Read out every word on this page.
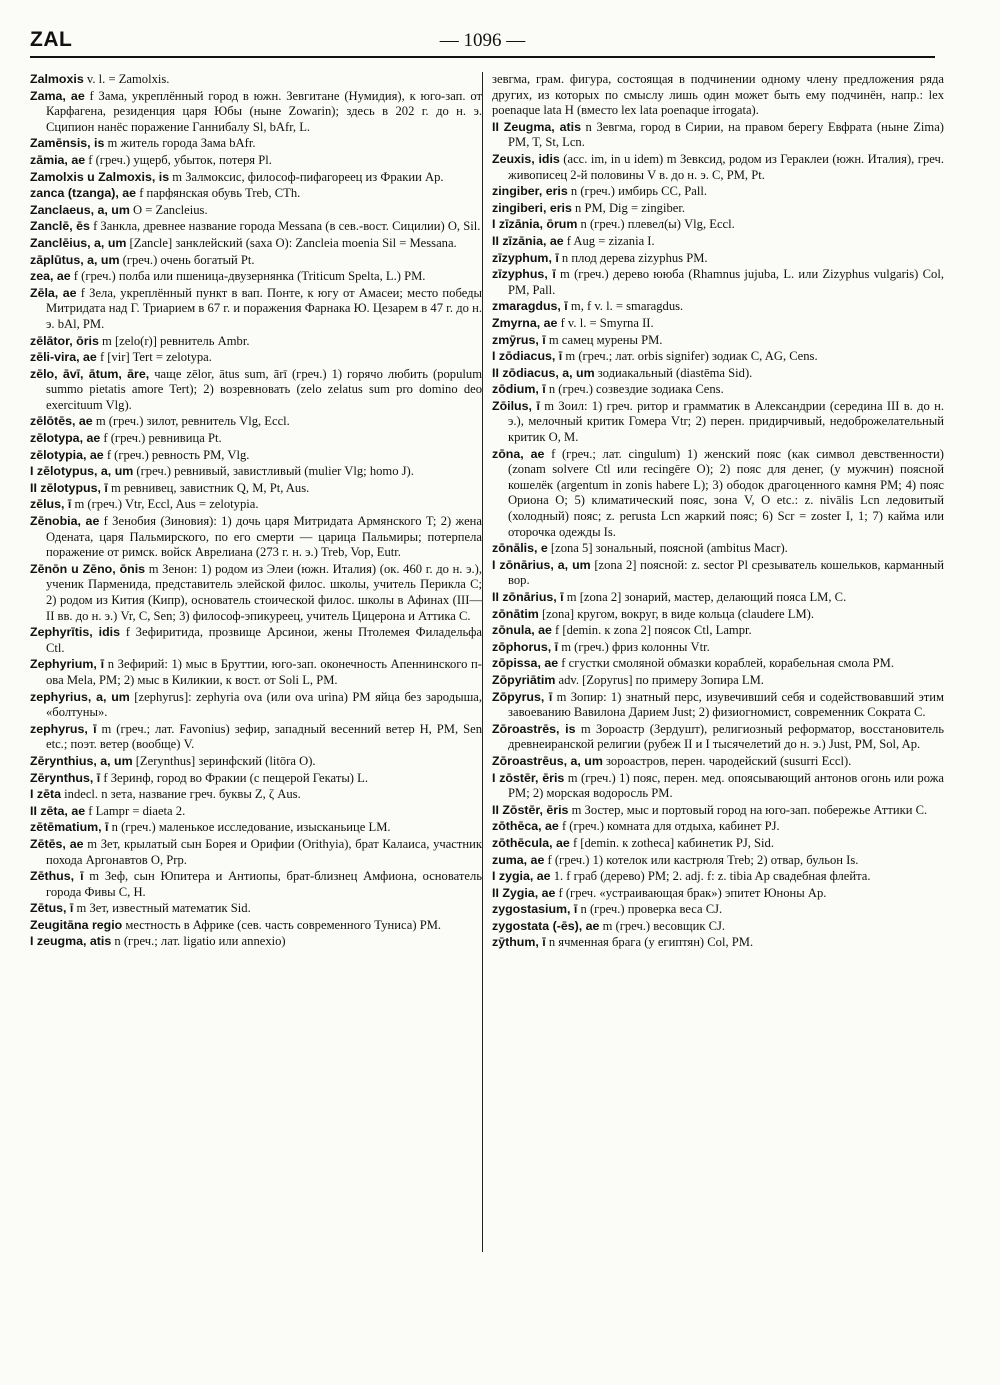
ZAL	— 1096 —

Zalmoxis v. l. = Zamolxis.

Zama, ae f Зама, укреплённый город в южн. Зевгитане (Нумидия), к юго-зап. от Карфагена, резиденция царя Юбы (ныне Zowarin); здесь в 202 г. до н. э. Сципион нанёс поражение Ганнибалу Sl, bAfr, L.

Zamēnsis, is m житель города Зама bAfr.

zāmia, ae f (греч.) ущерб, убыток, потеря Pl.

Zamolxis u Zalmoxis, is m Залмоксис, философ-пифагореец из Фракии Ap.

zanca (tzanga), ae f парфянская обувь Treb, CTh.

Zanclaeus, a, um O = Zancleius.

Zanclē, ēs f Занкла, древнее название города Messana (в сев.-вост. Сицилии) O, Sil.

Zanclēius, a, um [Zancle] занклейский (saxa O): Zancleia moenia Sil = Messana.

zāplūtus, a, um (греч.) очень богатый Pt.

zea, ae f (греч.) полба или пшеница-двузернянка (Triticum Spelta, L.) PM.

Zēla, ae f Зела, укреплённый пункт в вап. Понте, к югу от Амасеи; место победы Митридата над Г. Триарием в 67 г. и поражения Фарнака Ю. Цезарем в 47 г. до н. э. bAl, PM.

zēlātor, ōris m [zelo(r)] ревнитель Ambr.

zēli-vira, ae f [vir] Tert = zelotypa.

zēlo, āvī, ātum, āre, чаще zēlor, ātus sum, ārī (греч.) 1) горячо любить (populum summo pietatis amore Tert); 2) возревновать (zelo zelatus sum pro domino deo exercituum Vlg).

zēlōtēs, ae m (греч.) зилот, ревнитель Vlg, Eccl.

zēlotypa, ae f (греч.) ревнивица Pt.

zēlotypia, ae f (греч.) ревность PM, Vlg.

I zēlotypus, a, um (греч.) ревнивый, завистливый (mulier Vlg; homo J).

II zēlotypus, ī m ревнивец, завистник Q, M, Pt, Aus.

zēlus, ī m (греч.) Vtr, Eccl, Aus = zelotypia.

Zēnobia, ae f Зенобия (Зиновия): 1) дочь царя Митридата Армянского T; 2) жена Одената, царя Пальмирского, по его смерти — царица Пальмиры; потерпела поражение от римск. войск Аврелиана (273 г. н. э.) Treb, Vop, Eutr.

Zēnōn u Zēno, ōnis m Зенон: 1) родом из Элеи (южн. Италия) (ок. 460 г. до н. э.), ученик Парменида, представитель элейской филос. школы, учитель Перикла C; 2) родом из Кития (Кипр), основатель стоической филос. школы в Афинах (III—II вв. до н. э.) Vr, C, Sen; 3) философ-эпикуреец, учитель Цицерона и Аттика C.

Zephyrītis, idis f Зефиритида, прозвище Арсинои, жены Птолемея Филадельфа Ctl.

Zephyrium, ī n Зефирий: 1) мыс в Бруттии, юго-зап. оконечность Апеннинского п-ова Mela, PM; 2) мыс в Киликии, к вост. от Soli L, PM.

zephyrius, a, um [zephyrus]: zephyria ova (или ova urina) PM яйца без зародыша, «болтуны».

zephyrus, ī m (греч.; лат. Favonius) зефир, западный весенний ветер H, PM, Sen etc.; поэт. ветер (вообще) V.

Zērynthius, a, um [Zerynthus] зеринфский (litōra O).

Zērynthus, ī f Зеринф, город во Фракии (с пещерой Гекаты) L.

I zēta indecl. n зета, название греч. буквы Z, ζ Aus.

II zēta, ae f Lampr = diaeta 2.

zētēmatium, ī n (греч.) маленькое исследование, изысканьице LM.

Zētēs, ae m Зет, крылатый сын Борея и Орифии (Orithyia), брат Калаиса, участник похода Аргонавтов O, Prp.

Zēthus, ī m Зеф, сын Юпитера и Антиопы, брат-близнец Амфиона, основатель города Фивы C, H.

Zētus, ī m Зет, известный математик Sid.

Zeugitāna regio местность в Африке (сев. часть современного Туниса) PM.

I zeugma, atis n (греч.; лат. ligatio или annexio)

зевгма, грам. фигура, состоящая в подчинении одному члену предложения ряда других, из которых по смыслу лишь один может быть ему подчинён, напр.: lex poenaque lata H (вместо lex lata poenaque irrogata).

II Zeugma, atis n Зевгма, город в Сирии, на правом берегу Евфрата (ныне Zima) PM, T, St, Lcn.

Zeuxis, idis (acc. im, in u idem) m Зевксид, родом из Гераклеи (южн. Италия), греч. живописец 2-й половины V в. до н. э. C, PM, Pt.

zingiber, eris n (греч.) имбирь CC, Pall.

zingiberi, eris n PM, Dig = zingiber.

I zīzānia, ōrum n (греч.) плевел(ы) Vlg, Eccl.

II zīzānia, ae f Aug = zizania I.

zīzyphum, ī n плод дерева zizyphus PM.

zīzyphus, ī m (греч.) дерево ююба (Rhamnus jujuba, L. или Zizyphus vulgaris) Col, PM, Pall.

zmaragdus, ī m, f v. l. = smaragdus.

Zmyrna, ae f v. l. = Smyrna II.

zmȳrus, ī m самец мурены PM.

I zōdiacus, ī m (греч.; лат. orbis signifer) зодиак C, AG, Cens.

II zōdiacus, a, um зодиакальный (diastēma Sid).

zōdium, ī n (греч.) созвездие зодиака Cens.

Zōilus, ī m Зоил: 1) греч. ритор и грамматик в Александрии (середина III в. до н. э.), мелочный критик Гомера Vtr; 2) перен. придирчивый, недоброжелательный критик O, M.

zōna, ae f (греч.; лат. cingulum) 1) женский пояс (как символ девственности) (zonam solvere Ctl или recingēre O); 2) пояс для денег, (у мужчин) поясной кошелёк (argentum in zonis habere L); 3) ободок драгоценного камня PM; 4) пояс Ориона O; 5) климатический пояс, зона V, O etc.: z. nivālis Lcn ледовитый (холодный) пояс; z. perusta Lcn жаркий пояс; 6) Scr = zoster I, 1; 7) кайма или оторочка одежды Is.

zōnālis, e [zona 5] зональный, поясной (ambitus Macr).

I zōnārius, a, um [zona 2] поясной: z. sector Pl срезыватель кошельков, карманный вор.

II zōnārius, ī m [zona 2] зонарий, мастер, делающий пояса LM, C.

zōnātim [zona] кругом, вокруг, в виде кольца (claudere LM).

zōnula, ae f [demin. к zona 2] поясок Ctl, Lampr.

zōphorus, ī m (греч.) фриз колонны Vtr.

zōpissa, ae f сгустки смоляной обмазки кораблей, корабельная смола PM.

Zōpyriātim adv. [Zopyrus] по примеру Зопира LM.

Zōpyrus, ī m Зопир: 1) знатный перс, изувечивший себя и содействовавший этим завоеванию Вавилона Дарием Just; 2) физиогномист, современник Сократа C.

Zōroastrēs, is m Зороастр (Зердушт), религиозный реформатор, восстановитель древнеиранской религии (рубеж II и I тысячелетий до н. э.) Just, PM, Sol, Ap.

Zōroastrēus, a, um зороастров, перен. чародейский (susurri Eccl).

I zōstēr, ēris m (греч.) 1) пояс, перен. мед. опоясывающий антонов огонь или рожа PM; 2) морская водоросль PM.

II Zōstēr, ēris m Зостер, мыс и портовый город на юго-зап. побережье Аттики C.

zōthēca, ae f (греч.) комната для отдыха, кабинет PJ.

zōthēcula, ae f [demin. к zotheca] кабинетик PJ, Sid.

zuma, ae f (греч.) 1) котелок или кастрюля Treb; 2) отвар, бульон Is.

I zygia, ae 1. f граб (дерево) PM; 2. adj. f: z. tibia Ap свадебная флейта.

II Zygia, ae f (греч. «устраивающая брак») эпитет Юноны Ap.

zygostasium, ī n (греч.) проверка веса CJ.

zygostata (-ēs), ae m (греч.) весовщик CJ.

zȳthum, ī n ячменная брага (у египтян) Col, PM.
